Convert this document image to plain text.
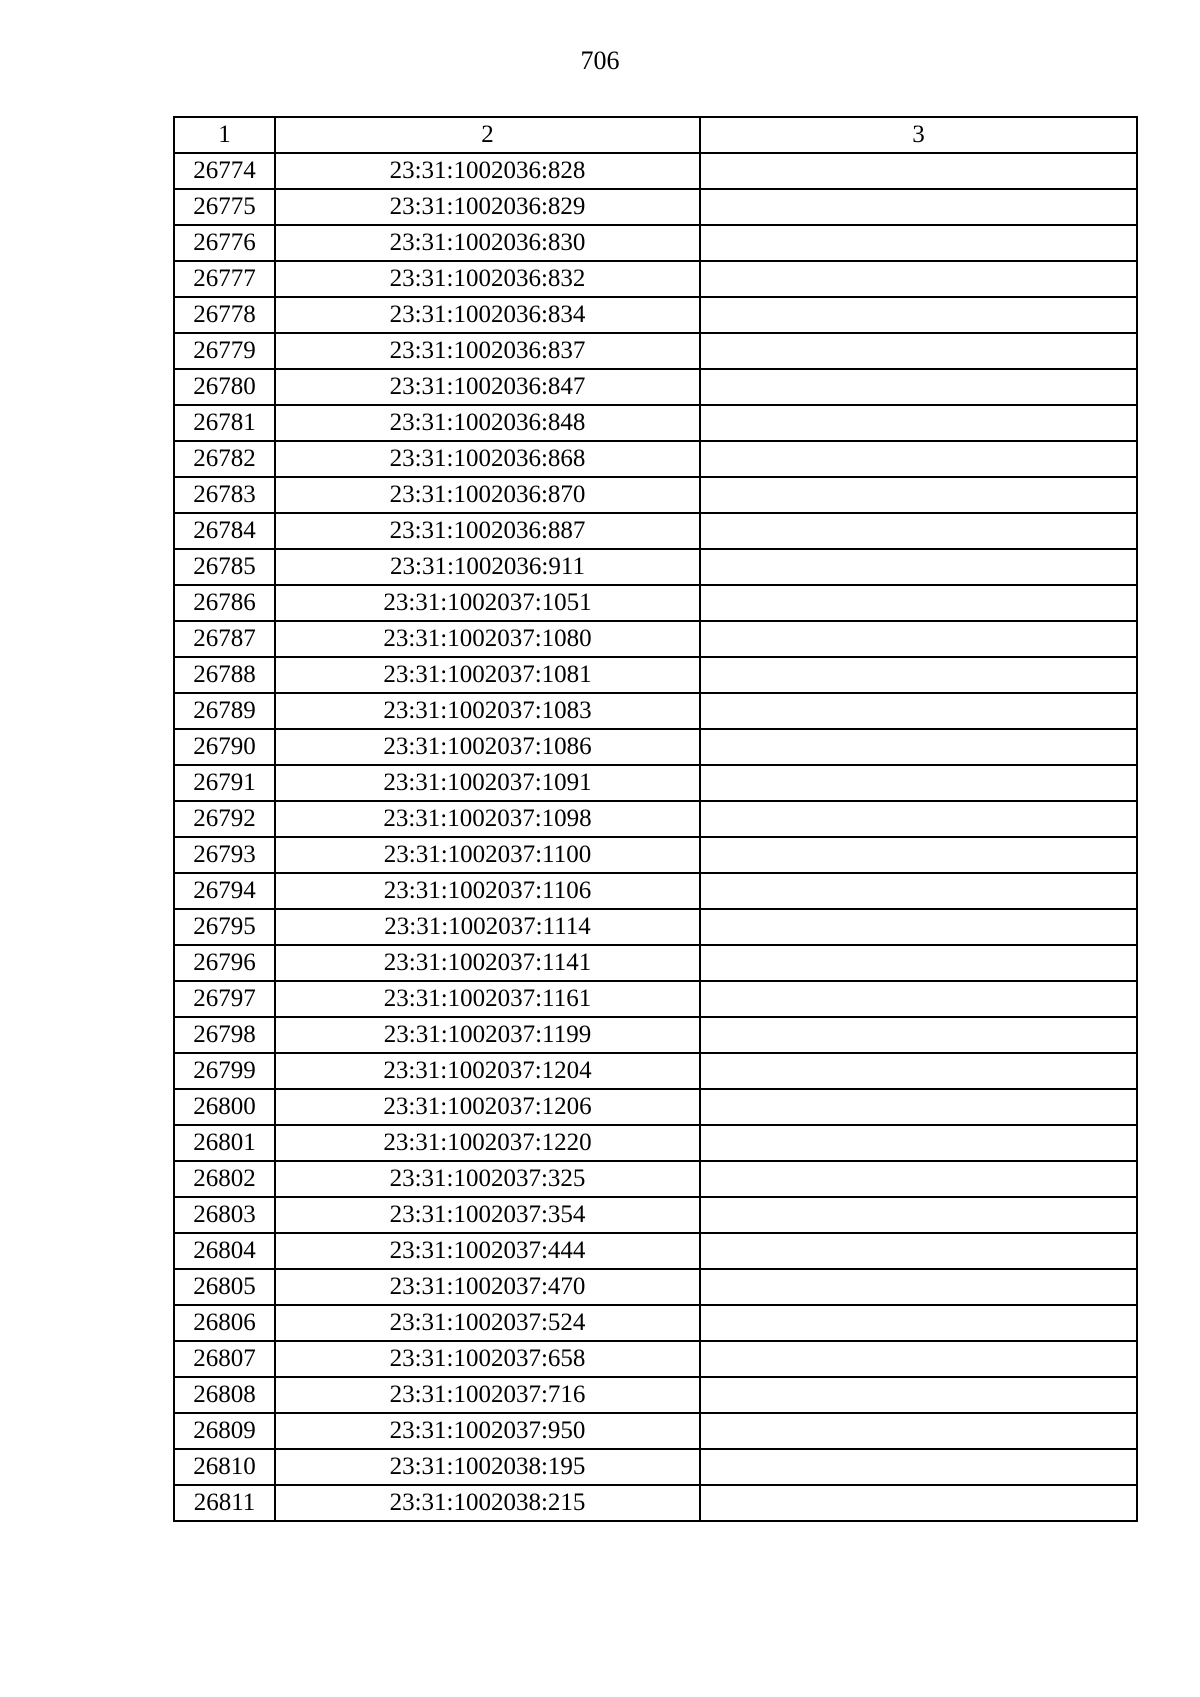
706
1	2	3
26774	23:31:1002036:828	
26775	23:31:1002036:829	
26776	23:31:1002036:830	
26777	23:31:1002036:832	
26778	23:31:1002036:834	
26779	23:31:1002036:837	
26780	23:31:1002036:847	
26781	23:31:1002036:848	
26782	23:31:1002036:868	
26783	23:31:1002036:870	
26784	23:31:1002036:887	
26785	23:31:1002036:911	
26786	23:31:1002037:1051	
26787	23:31:1002037:1080	
26788	23:31:1002037:1081	
26789	23:31:1002037:1083	
26790	23:31:1002037:1086	
26791	23:31:1002037:1091	
26792	23:31:1002037:1098	
26793	23:31:1002037:1100	
26794	23:31:1002037:1106	
26795	23:31:1002037:1114	
26796	23:31:1002037:1141	
26797	23:31:1002037:1161	
26798	23:31:1002037:1199	
26799	23:31:1002037:1204	
26800	23:31:1002037:1206	
26801	23:31:1002037:1220	
26802	23:31:1002037:325	
26803	23:31:1002037:354	
26804	23:31:1002037:444	
26805	23:31:1002037:470	
26806	23:31:1002037:524	
26807	23:31:1002037:658	
26808	23:31:1002037:716	
26809	23:31:1002037:950	
26810	23:31:1002038:195	
26811	23:31:1002038:215	
